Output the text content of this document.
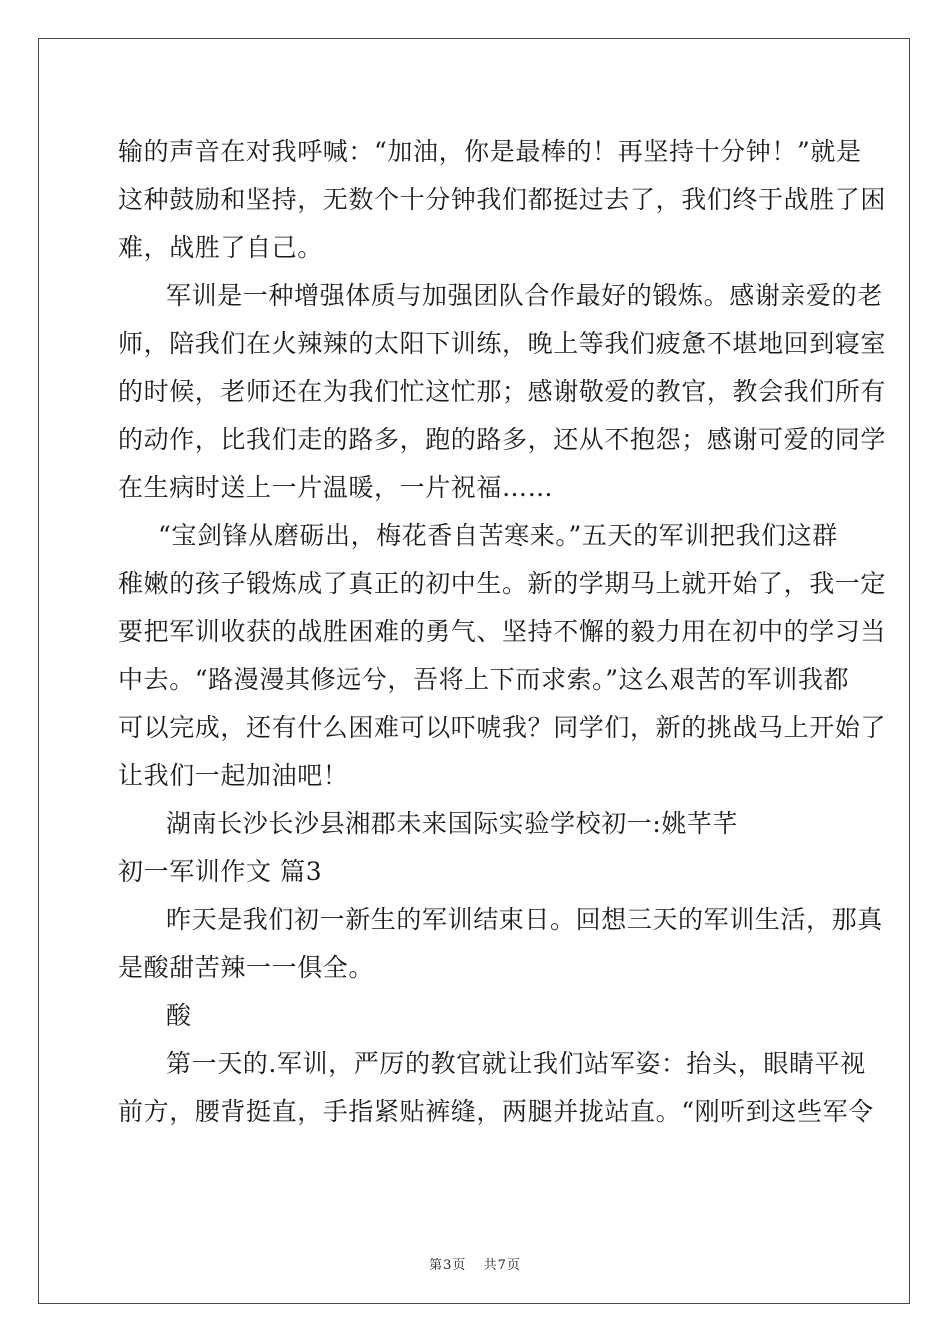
输的声音在对我呼喊：“加油，你是最棒的！再坚持十分钟！”就是
这种鼓励和坚持，无数个十分钟我们都挺过去了，我们终于战胜了困
难，战胜了自己。
军训是一种增强体质与加强团队合作最好的锻炼。感谢亲爱的老
师，陪我们在火辣辣的太阳下训练，晚上等我们疲惫不堪地回到寝室
的时候，老师还在为我们忙这忙那；感谢敬爱的教官，教会我们所有
的动作，比我们走的路多，跑的路多，还从不抱怨；感谢可爱的同学
在生病时送上一片温暖，一片祝福……
“宝剑锋从磨砺出，梅花香自苦寒来。”五天的军训把我们这群
稚嫩的孩子锻炼成了真正的初中生。新的学期马上就开始了，我一定
要把军训收获的战胜困难的勇气、坚持不懈的毅力用在初中的学习当
中去。“路漫漫其修远兮，吾将上下而求索。”这么艰苦的军训我都
可以完成，还有什么困难可以吓唬我？同学们，新的挑战马上开始了
让我们一起加油吧！
湖南长沙长沙县湘郡未来国际实验学校初一:姚芊芊
初一军训作文 篇3
昨天是我们初一新生的军训结束日。回想三天的军训生活，那真
是酸甜苦辣一一俱全。
酸
第一天的.军训，严厉的教官就让我们站军姿：抬头，眼睛平视
前方，腰背挺直，手指紧贴裤缝，两腿并拢站直。“刚听到这些军令
第3页 共7页
